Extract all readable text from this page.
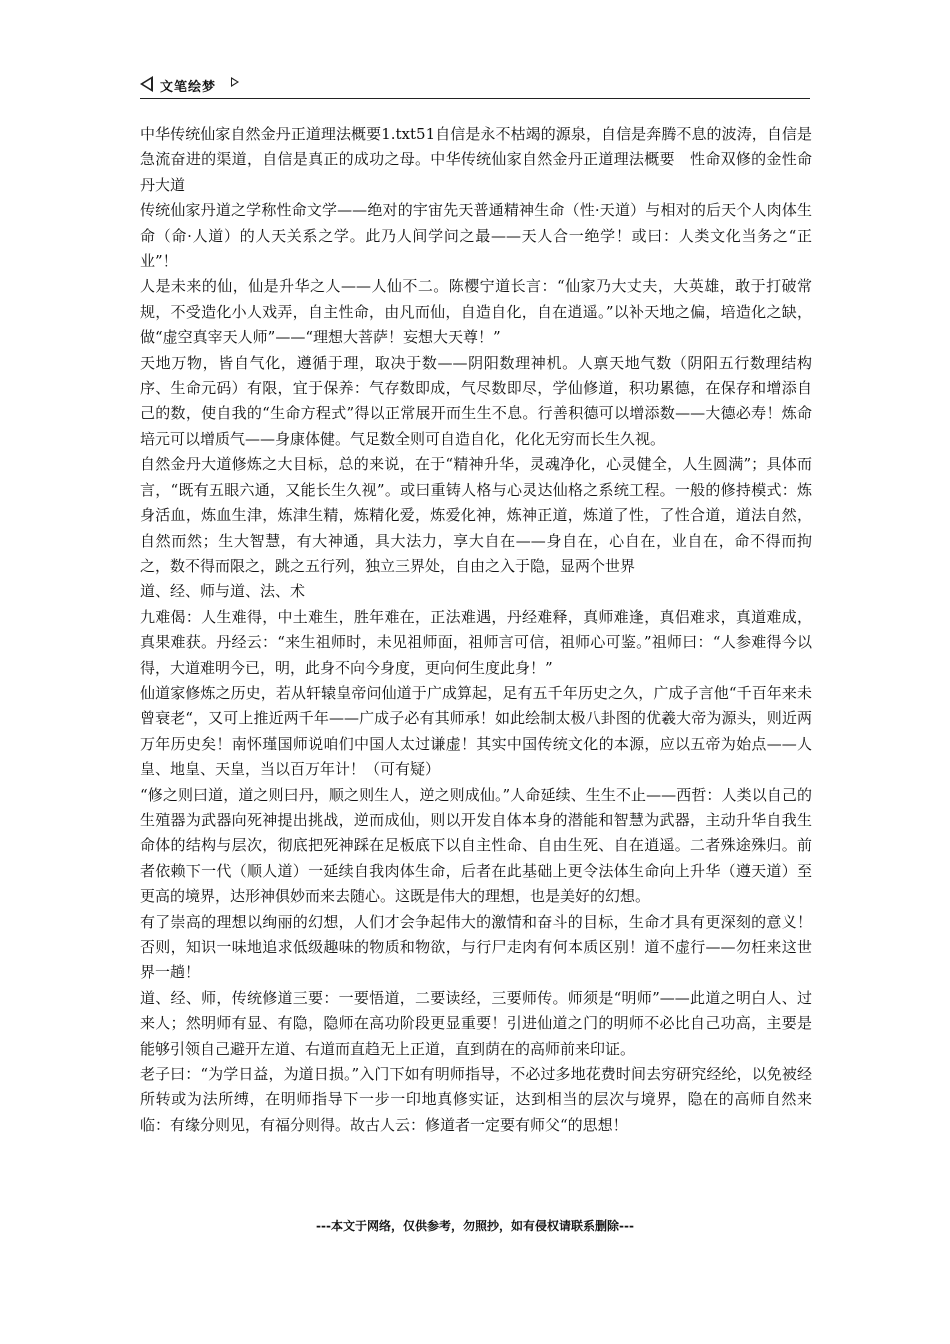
文笔绘梦

中华传统仙家自然金丹正道理法概要1.txt51自信是永不枯竭的源泉，自信是奔腾不息的波涛，自信是急流奋进的渠道，自信是真正的成功之母。中华传统仙家自然金丹正道理法概要　性命双修的金性命丹大道

传统仙家丹道之学称性命文学——绝对的宇宙先天普通精神生命（性·天道）与相对的后天个人肉体生命（命·人道）的人天关系之学。此乃人间学问之最——天人合一绝学！或曰：人类文化当务之“正业”！

人是未来的仙，仙是升华之人——人仙不二。陈樱宁道长言：“仙家乃大丈夫，大英雄，敢于打破常规，不受造化小人戏弄，自主性命，由凡而仙，自造自化，自在逍遥。”以补天地之偏，培造化之缺，做“虚空真宰天人师”——“理想大菩萨！妄想大天尊！”

天地万物，皆自气化，遵循于理，取决于数——阴阳数理神机。人禀天地气数（阴阳五行数理结构序、生命元码）有限，宜于保养：气存数即成，气尽数即尽，学仙修道，积功累德，在保存和增添自己的数，使自我的“生命方程式”得以正常展开而生生不息。行善积德可以增添数——大德必寿！炼命培元可以增质气——身康体健。气足数全则可自造自化，化化无穷而长生久视。

自然金丹大道修炼之大目标，总的来说，在于“精神升华，灵魂净化，心灵健全，人生圆满”；具体而言，“既有五眼六通，又能长生久视”。或曰重铸人格与心灵达仙格之系统工程。一般的修持模式：炼身活血，炼血生津，炼津生精，炼精化爱，炼爱化神，炼神正道，炼道了性，了性合道，道法自然，自然而然；生大智慧，有大神通，具大法力，享大自在——身自在，心自在，业自在，命不得而拘之，数不得而限之，跳之五行列，独立三界处，自由之入于隐，显两个世界

道、经、师与道、法、术

九难偈：人生难得，中土难生，胜年难在，正法难遇，丹经难释，真师难逢，真侣难求，真道难成，真果难获。丹经云：“来生祖师时，未见祖师面，祖师言可信，祖师心可鉴。”祖师曰：“人参难得今以得，大道难明今已，明，此身不向今身度，更向何生度此身！”

仙道家修炼之历史，若从轩辕皇帝问仙道于广成算起，足有五千年历史之久，广成子言他“千百年来未曾衰老“，又可上推近两千年——广成子必有其师承！如此绘制太极八卦图的优羲大帝为源头，则近两万年历史矣！南怀瑾国师说咱们中国人太过谦虚！其实中国传统文化的本源，应以五帝为始点——人皇、地皇、天皇，当以百万年计！（可有疑）

“修之则曰道，道之则曰丹，顺之则生人，逆之则成仙。”人命延续、生生不止——西哲：人类以自己的生殖器为武器向死神提出挑战，逆而成仙，则以开发自体本身的潜能和智慧为武器，主动升华自我生命体的结构与层次，彻底把死神踩在足板底下以自主性命、自由生死、自在逍遥。二者殊途殊归。前者依赖下一代（顺人道）一延续自我肉体生命，后者在此基础上更令法体生命向上升华（遵天道）至更高的境界，达形神俱妙而来去随心。这既是伟大的理想，也是美好的幻想。

有了崇高的理想以绚丽的幻想，人们才会争起伟大的激情和奋斗的目标，生命才具有更深刻的意义！否则，知识一味地追求低级趣味的物质和物欲，与行尸走肉有何本质区别！道不虚行——勿枉来这世界一趟！

道、经、师，传统修道三要：一要悟道，二要读经，三要师传。师须是“明师”——此道之明白人、过来人；然明师有显、有隐，隐师在高功阶段更显重要！引进仙道之门的明师不必比自己功高，主要是能够引领自己避开左道、右道而直趋无上正道，直到荫在的高师前来印证。

老子曰：“为学日益，为道日损。”入门下如有明师指导，不必过多地花费时间去穷研究经纶，以免被经所转或为法所缚，在明师指导下一步一印地真修实证，达到相当的层次与境界，隐在的高师自然来临：有缘分则见，有福分则得。故古人云：修道者一定要有师父“的思想！

---本文于网络，仅供参考，勿照抄，如有侵权请联系删除---
